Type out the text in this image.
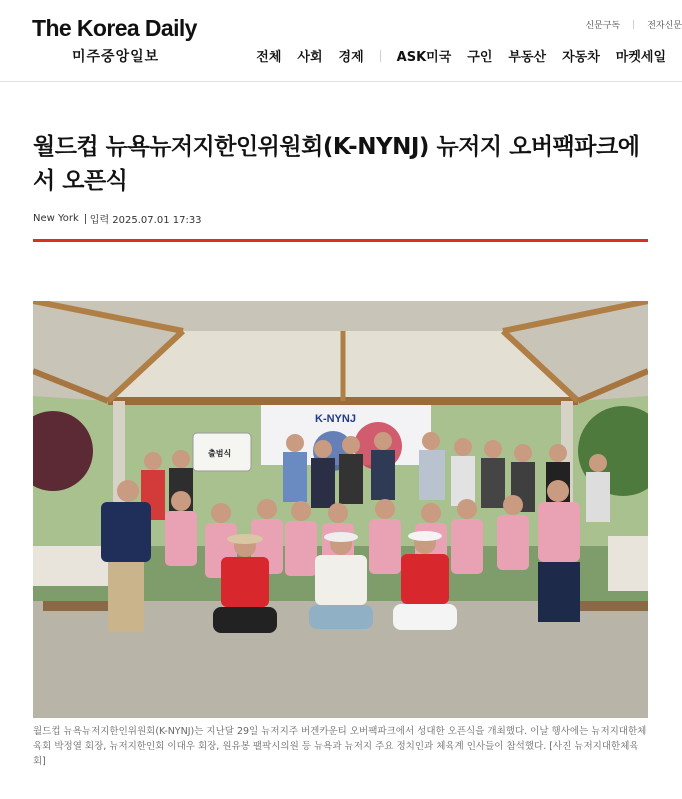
The Korea Daily
미주중앙일보
신문구독	전자신문
전체 사회 경제	ASK미국 구인 부동산 자동차 마켓세일
월드컵 뉴욕뉴저지한인위원회(K-NYNJ) 뉴저지 오버팩파크에서 오픈식
New York 입력 2025.07.01 17:33
K-NYNJ
출범식

월드컵 뉴욕뉴저지한인위원회(K-NYNJ)는 지난달 29일 뉴저지주 버겐카운티 오버팩파크에서 성대한 오픈식을 개최했다. 이날 행사에는 뉴저지대한체육회 박정열 회장, 뉴저지한인회 이대우 회장, 원유봉 팰팍시의원 등 뉴욕과 뉴저지 주요 정치인과 체육계 인사들이 참석했다. [사진 뉴저지대한체육회]
